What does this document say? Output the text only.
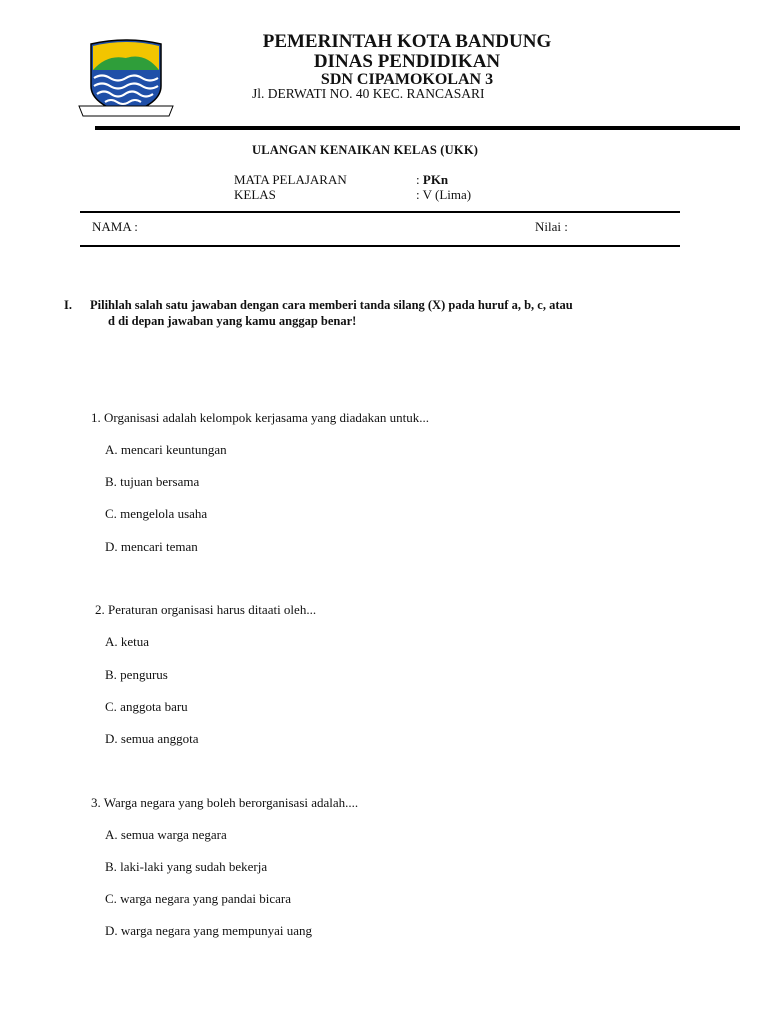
PEMERINTAH KOTA BANDUNG
DINAS PENDIDIKAN
SDN CIPAMOKOLAN 3
Jl. DERWATI NO. 40 KEC. RANCASARI
ULANGAN KENAIKAN KELAS (UKK)
MATA PELAJARAN	: PKn
KELAS	: V (Lima)
NAMA :	Nilai :
I. Pilihlah salah satu jawaban dengan cara memberi tanda silang (X) pada huruf a, b, c, atau
d di depan jawaban yang kamu anggap benar!
1. Organisasi adalah kelompok kerjasama yang diadakan untuk...
A. mencari keuntungan
B. tujuan bersama
C. mengelola usaha
D. mencari teman
2. Peraturan organisasi harus ditaati oleh...
A. ketua
B. pengurus
C. anggota baru
D. semua anggota
3. Warga negara yang boleh berorganisasi adalah....
A. semua warga negara
B. laki-laki yang sudah bekerja
C. warga negara yang pandai bicara
D. warga negara yang mempunyai uang
